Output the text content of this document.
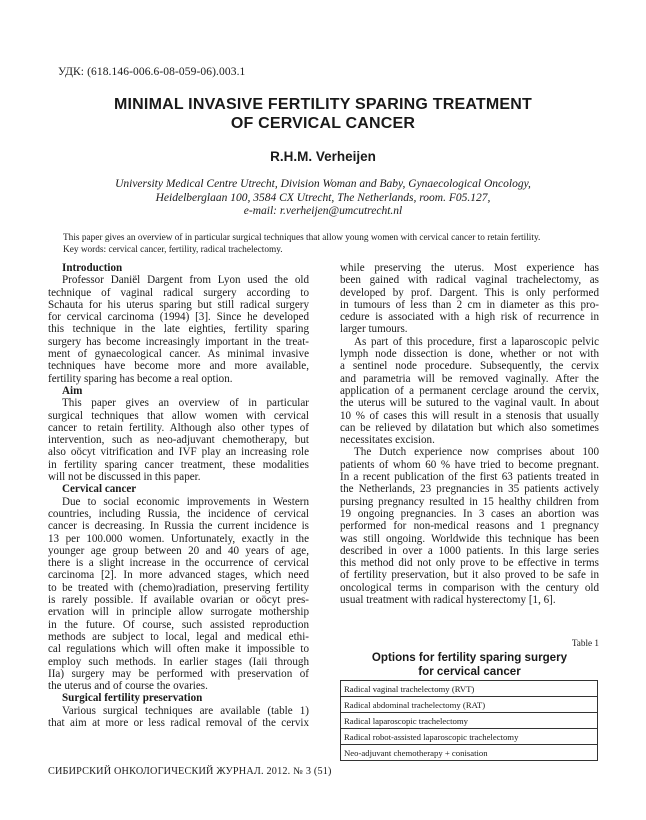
УДК: (618.146-006.6-08-059-06).003.1
MINIMAL INVASIVE FERTILITY SPARING TREATMENT
OF CERVICAL CANCER
R.H.M. Verheijen
University Medical Centre Utrecht, Division Woman and Baby, Gynaecological Oncology,
Heidelberglaan 100, 3584 CX Utrecht, The Netherlands, room. F05.127,
e-mail: r.verheijen@umcutrecht.nl
This paper gives an overview of in particular surgical techniques that allow young women with cervical cancer to retain fertility.
Key words: cervical cancer, fertility, radical trachelectomy.
Introduction
Professor Daniël Dargent from Lyon used the old
technique of vaginal radical surgery according to
Schauta for his uterus sparing but still radical surgery
for cervical carcinoma (1994) [3]. Since he developed
this technique in the late eighties, fertility sparing
surgery has become increasingly important in the treat-
ment of gynaecological cancer. As minimal invasive
techniques have become more and more available,
fertility sparing has become a real option.
Aim
This paper gives an overview of in particular
surgical techniques that allow women with cervical
cancer to retain fertility. Although also other types of
intervention, such as neo-adjuvant chemotherapy, but
also oöcyt vitrification and IVF play an increasing role
in fertility sparing cancer treatment, these modalities
will not be discussed in this paper.
Cervical cancer
Due to social economic improvements in Western
countries, including Russia, the incidence of cervical
cancer is decreasing. In Russia the current incidence is
13 per 100.000 women. Unfortunately, exactly in the
younger age group between 20 and 40 years of age,
there is a slight increase in the occurrence of cervical
carcinoma [2]. In more advanced stages, which need
to be treated with (chemo)radiation, preserving fertility
is rarely possible. If available ovarian or oöcyt pres-
ervation will in principle allow surrogate mothership
in the future. Of course, such assisted reproduction
methods are subject to local, legal and medical ethi-
cal regulations which will often make it impossible to
employ such methods. In earlier stages (Iaii through
IIa) surgery may be performed with preservation of
the uterus and of course the ovaries.
Surgical fertility preservation
Various surgical techniques are available (table 1)
that aim at more or less radical removal of the cervix
while preserving the uterus. Most experience has
been gained with radical vaginal trachelectomy, as
developed by prof. Dargent. This is only performed
in tumours of less than 2 cm in diameter as this pro-
cedure is associated with a high risk of recurrence in
larger tumours.
As part of this procedure, first a laparoscopic pelvic
lymph node dissection is done, whether or not with
a sentinel node procedure. Subsequently, the cervix
and parametria will be removed vaginally. After the
application of a permanent cerclage around the cervix,
the uterus will be sutured to the vaginal vault. In about
10 % of cases this will result in a stenosis that usually
can be relieved by dilatation but which also sometimes
necessitates excision.
The Dutch experience now comprises about 100
patients of whom 60 % have tried to become pregnant.
In a recent publication of the first 63 patients treated in
the Netherlands, 23 pregnancies in 35 patients actively
pursing pregnancy resulted in 15 healthy children from
19 ongoing pregnancies. In 3 cases an abortion was
performed for non-medical reasons and 1 pregnancy
was still ongoing. Worldwide this technique has been
described in over a 1000 patients. In this large series
this method did not only prove to be effective in terms
of fertility preservation, but it also proved to be safe in
oncological terms in comparison with the century old
usual treatment with radical hysterectomy [1, 6].
Table 1
Options for fertility sparing surgery
for cervical cancer
Radical vaginal trachelectomy (RVT)
Radical abdominal trachelectomy (RAT)
Radical laparoscopic trachelectomy
Radical robot-assisted laparoscopic trachelectomy
Neo-adjuvant chemotherapy + conisation
СИБИРСКИЙ ОНКОЛОГИЧЕСКИЙ ЖУРНАЛ. 2012. № 3 (51)
